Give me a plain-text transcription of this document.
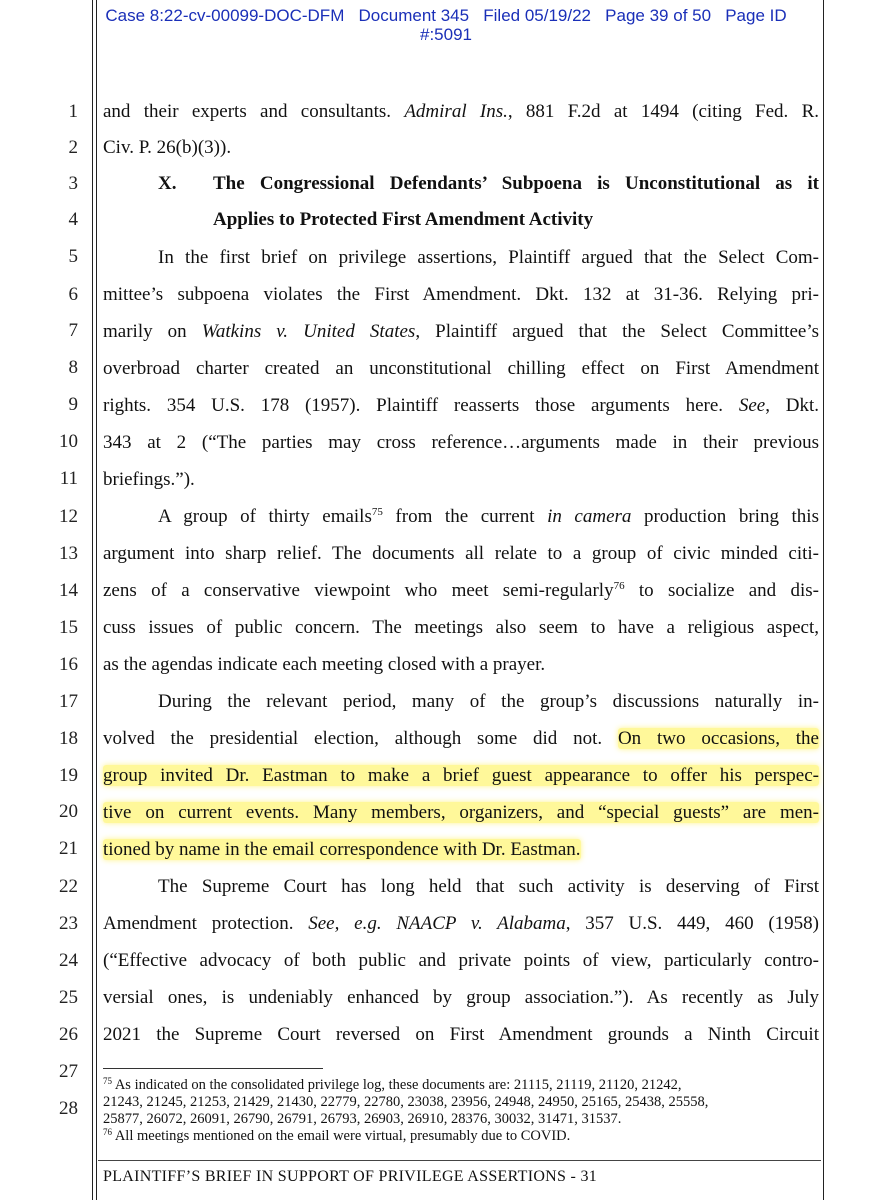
Case 8:22-cv-00099-DOC-DFM   Document 345   Filed 05/19/22   Page 39 of 50   Page ID
#:5091
1
2
3
4
5
6
7
8
9
10
11
12
13
14
15
16
17
18
19
20
21
22
23
24
25
26
27
28
and their experts and consultants. Admiral Ins., 881 F.2d at 1494 (citing Fed. R.
Civ. P. 26(b)(3)).
X. The Congressional Defendants’ Subpoena is Unconstitutional as it
Applies to Protected First Amendment Activity
In the first brief on privilege assertions, Plaintiff argued that the Select Com-
mittee’s subpoena violates the First Amendment. Dkt. 132 at 31-36. Relying pri-
marily on Watkins v. United States, Plaintiff argued that the Select Committee’s
overbroad charter created an unconstitutional chilling effect on First Amendment
rights. 354 U.S. 178 (1957). Plaintiff reasserts those arguments here. See, Dkt.
343 at 2 (“The parties may cross reference…arguments made in their previous
briefings.”).
A group of thirty emails$^{75}$ from the current in camera production bring this
argument into sharp relief. The documents all relate to a group of civic minded citi-
zens of a conservative viewpoint who meet semi-regularly$^{76}$ to socialize and dis-
cuss issues of public concern. The meetings also seem to have a religious aspect,
as the agendas indicate each meeting closed with a prayer.
During the relevant period, many of the group’s discussions naturally in-
volved the presidential election, although some did not. On two occasions, the
group invited Dr. Eastman to make a brief guest appearance to offer his perspec-
tive on current events. Many members, organizers, and “special guests” are men-
tioned by name in the email correspondence with Dr. Eastman.
The Supreme Court has long held that such activity is deserving of First
Amendment protection. See, e.g. NAACP v. Alabama, 357 U.S. 449, 460 (1958)
(“Effective advocacy of both public and private points of view, particularly contro-
versial ones, is undeniably enhanced by group association.”). As recently as July
2021 the Supreme Court reversed on First Amendment grounds a Ninth Circuit
$^{75}$ As indicated on the consolidated privilege log, these documents are: 21115, 21119, 21120, 21242,
21243, 21245, 21253, 21429, 21430, 22779, 22780, 23038, 23956, 24948, 24950, 25165, 25438, 25558,
25877, 26072, 26091, 26790, 26791, 26793, 26903, 26910, 28376, 30032, 31471, 31537.
$^{76}$ All meetings mentioned on the email were virtual, presumably due to COVID.
PLAINTIFF’S BRIEF IN SUPPORT OF PRIVILEGE ASSERTIONS - 31
